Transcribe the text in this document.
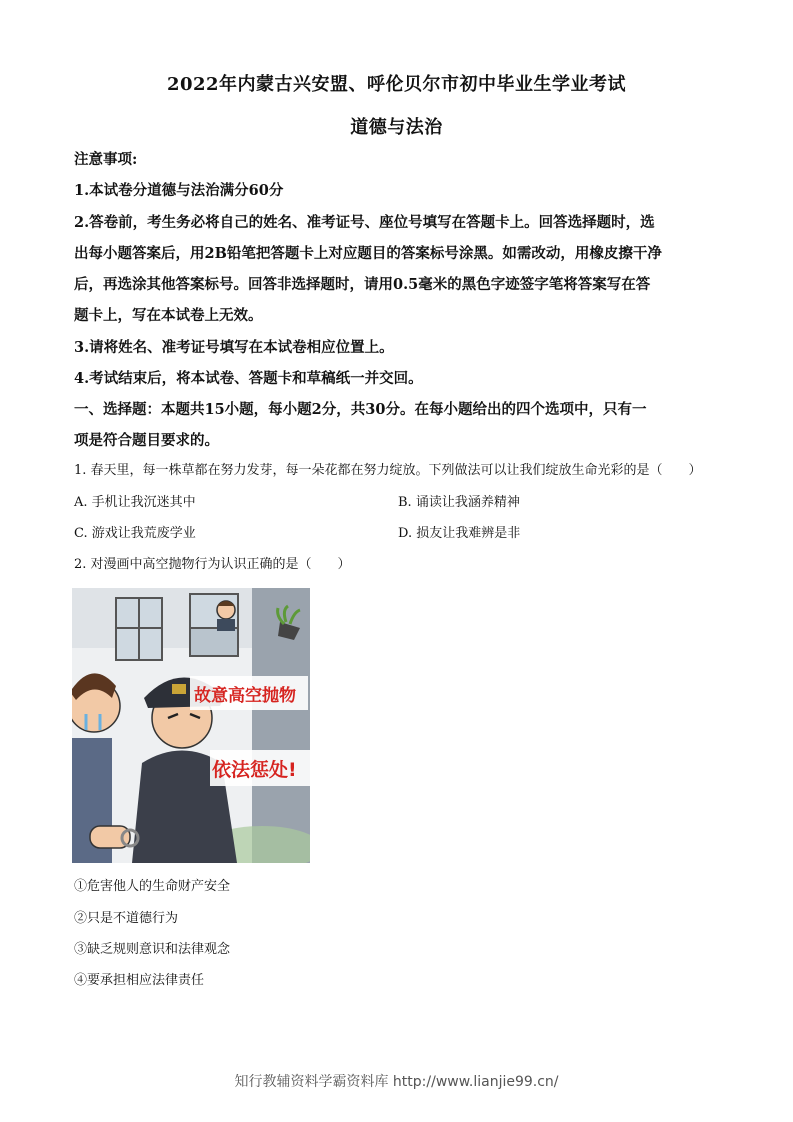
2022年内蒙古兴安盟、呼伦贝尔市初中毕业生学业考试
道德与法治
注意事项:
1.本试卷分道德与法治满分60分
2.答卷前，考生务必将自己的姓名、准考证号、座位号填写在答题卡上。回答选择题时，选
出每小题答案后，用2B铅笔把答题卡上对应题目的答案标号涂黑。如需改动，用橡皮擦干净
后，再选涂其他答案标号。回答非选择题时，请用0.5毫米的黑色字迹签字笔将答案写在答
题卡上，写在本试卷上无效。
3.请将姓名、准考证号填写在本试卷相应位置上。
4.考试结束后，将本试卷、答题卡和草稿纸一并交回。
一、选择题：本题共15小题，每小题2分，共30分。在每小题给出的四个选项中，只有一
项是符合题目要求的。
1. 春天里，每一株草都在努力发芽，每一朵花都在努力绽放。下列做法可以让我们绽放生命光彩的是（　　）
A. 手机让我沉迷其中	B. 诵读让我涵养精神
C. 游戏让我荒废学业	D. 损友让我难辨是非
2. 对漫画中高空抛物行为认识正确的是（　　）
故意高空抛物
依法惩处!
①危害他人的生命财产安全
②只是不道德行为
③缺乏规则意识和法律观念
④要承担相应法律责任
知行教辅资料学霸资料库 http://www.lianjie99.cn/
